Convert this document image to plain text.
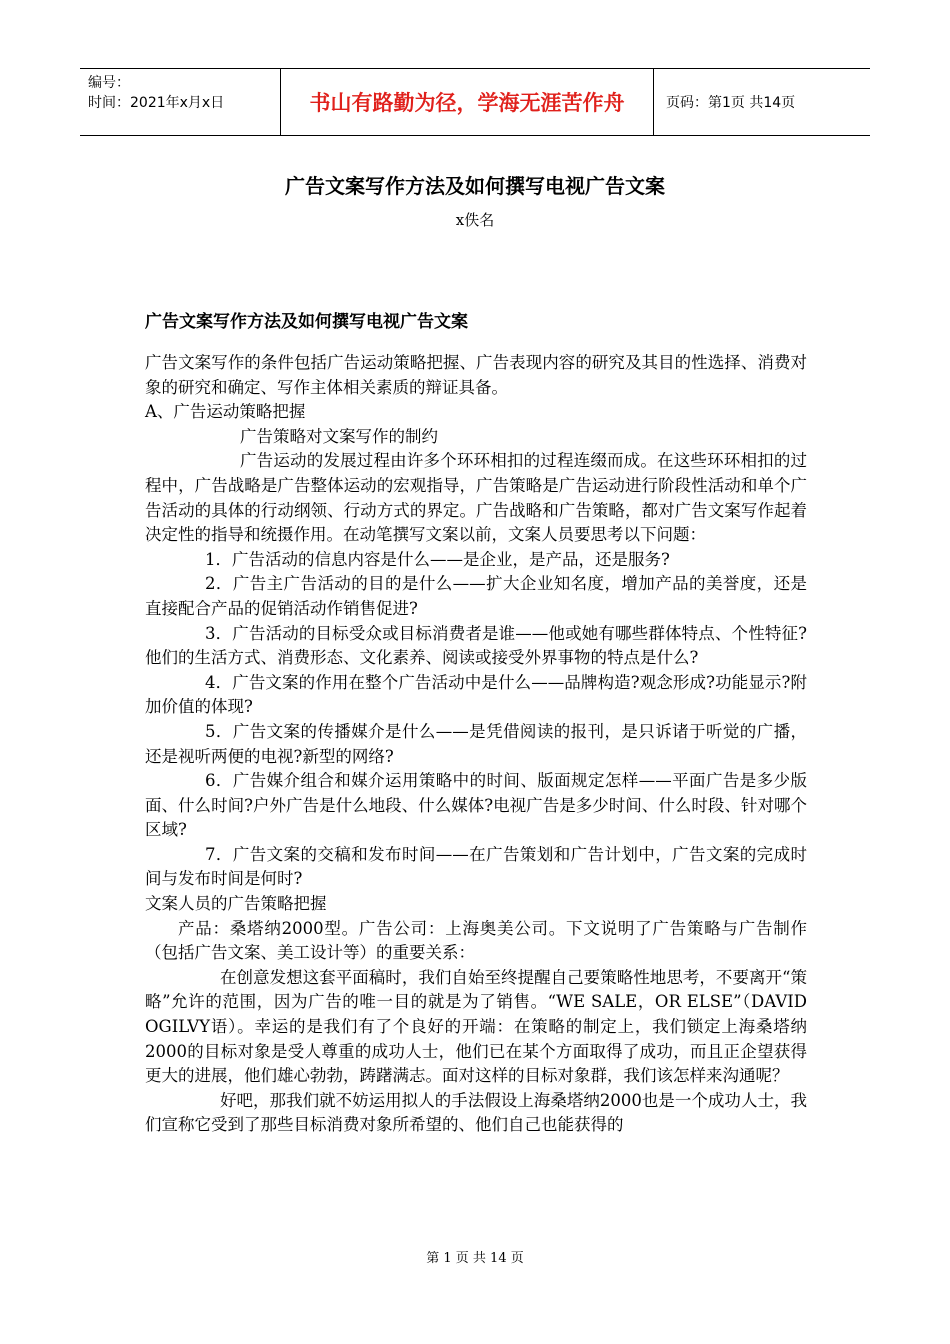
编号：
时间：2021年x月x日	书山有路勤为径，学海无涯苦作舟	页码：第1页 共14页
广告文案写作方法及如何撰写电视广告文案
x佚名
广告文案写作方法及如何撰写电视广告文案

广告文案写作的条件包括广告运动策略把握、广告表现内容的研究及其目的性选择、消费对象的研究和确定、写作主体相关素质的辩证具备。

A、广告运动策略把握

广告策略对文案写作的制约

广告运动的发展过程由许多个环环相扣的过程连缀而成。在这些环环相扣的过程中，广告战略是广告整体运动的宏观指导，广告策略是广告运动进行阶段性活动和单个广告活动的具体的行动纲领、行动方式的界定。广告战略和广告策略，都对广告文案写作起着决定性的指导和统摄作用。在动笔撰写文案以前，文案人员要思考以下问题：

1．广告活动的信息内容是什么——是企业，是产品，还是服务?

2．广告主广告活动的目的是什么——扩大企业知名度，增加产品的美誉度，还是直接配合产品的促销活动作销售促进?

3．广告活动的目标受众或目标消费者是谁——他或她有哪些群体特点、个性特征?他们的生活方式、消费形态、文化素养、阅读或接受外界事物的特点是什么?

4．广告文案的作用在整个广告活动中是什么——品牌构造?观念形成?功能显示?附加价值的体现?

5．广告文案的传播媒介是什么——是凭借阅读的报刊，是只诉诸于听觉的广播，还是视听两便的电视?新型的网络?

6．广告媒介组合和媒介运用策略中的时间、版面规定怎样——平面广告是多少版面、什么时间?户外广告是什么地段、什么媒体?电视广告是多少时间、什么时段、针对哪个区域?

7．广告文案的交稿和发布时间——在广告策划和广告计划中，广告文案的完成时间与发布时间是何时?

文案人员的广告策略把握

产品：桑塔纳2000型。广告公司：上海奥美公司。下文说明了广告策略与广告制作（包括广告文案、美工设计等）的重要关系：

在创意发想这套平面稿时，我们自始至终提醒自己要策略性地思考，不要离开“策略”允许的范围，因为广告的唯一目的就是为了销售。“WE SALE，OR ELSE”（DAVID OGILVY语）。幸运的是我们有了个良好的开端：在策略的制定上，我们锁定上海桑塔纳2000的目标对象是受人尊重的成功人士，他们已在某个方面取得了成功，而且正企望获得更大的进展，他们雄心勃勃，踌躇满志。面对这样的目标对象群，我们该怎样来沟通呢？

好吧，那我们就不妨运用拟人的手法假设上海桑塔纳2000也是一个成功人士，我们宣称它受到了那些目标消费对象所希望的、他们自己也能获得的

第 1 页 共 14 页
